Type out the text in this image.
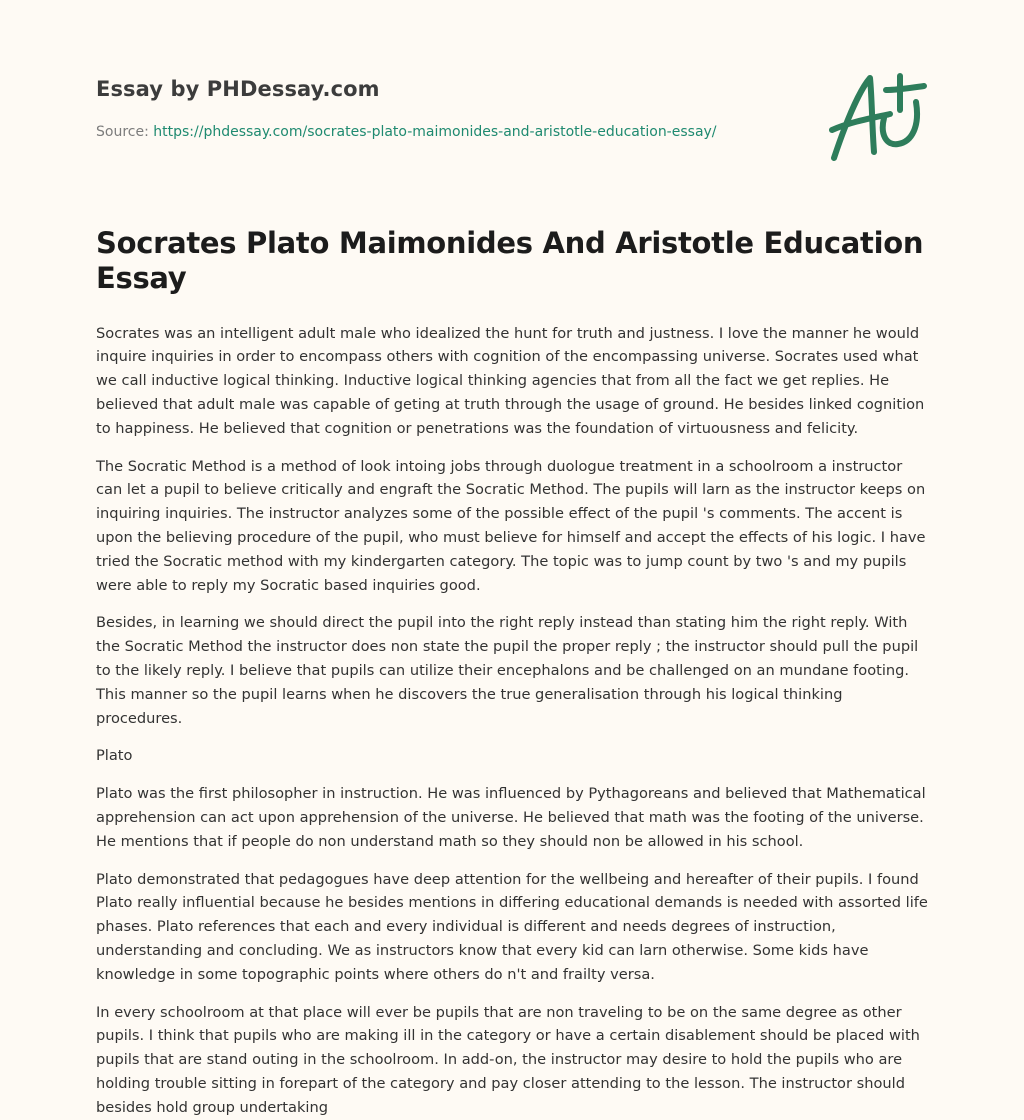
Essay by PHDessay.com
Source: https://phdessay.com/socrates-plato-maimonides-and-aristotle-education-essay/
Socrates Plato Maimonides And Aristotle Education Essay

Socrates was an intelligent adult male who idealized the hunt for truth and justness. I love the manner he would inquire inquiries in order to encompass others with cognition of the encompassing universe. Socrates used what we call inductive logical thinking. Inductive logical thinking agencies that from all the fact we get replies. He believed that adult male was capable of geting at truth through the usage of ground. He besides linked cognition to happiness. He believed that cognition or penetrations was the foundation of virtuousness and felicity.

The Socratic Method is a method of look intoing jobs through duologue treatment in a schoolroom a instructor can let a pupil to believe critically and engraft the Socratic Method. The pupils will larn as the instructor keeps on inquiring inquiries. The instructor analyzes some of the possible effect of the pupil 's comments. The accent is upon the believing procedure of the pupil, who must believe for himself and accept the effects of his logic. I have tried the Socratic method with my kindergarten category. The topic was to jump count by two 's and my pupils were able to reply my Socratic based inquiries good.

Besides, in learning we should direct the pupil into the right reply instead than stating him the right reply. With the Socratic Method the instructor does non state the pupil the proper reply ; the instructor should pull the pupil to the likely reply. I believe that pupils can utilize their encephalons and be challenged on an mundane footing. This manner so the pupil learns when he discovers the true generalisation through his logical thinking procedures.

Plato

Plato was the first philosopher in instruction. He was influenced by Pythagoreans and believed that Mathematical apprehension can act upon apprehension of the universe. He believed that math was the footing of the universe. He mentions that if people do non understand math so they should non be allowed in his school.

Plato demonstrated that pedagogues have deep attention for the wellbeing and hereafter of their pupils. I found Plato really influential because he besides mentions in differing educational demands is needed with assorted life phases. Plato references that each and every individual is different and needs degrees of instruction, understanding and concluding. We as instructors know that every kid can larn otherwise. Some kids have knowledge in some topographic points where others do n't and frailty versa.

In every schoolroom at that place will ever be pupils that are non traveling to be on the same degree as other pupils. I think that pupils who are making ill in the category or have a certain disablement should be placed with pupils that are stand outing in the schoolroom. In add-on, the instructor may desire to hold the pupils who are holding trouble sitting in forepart of the category and pay closer attending to the lesson. The instructor should besides hold group undertaking
